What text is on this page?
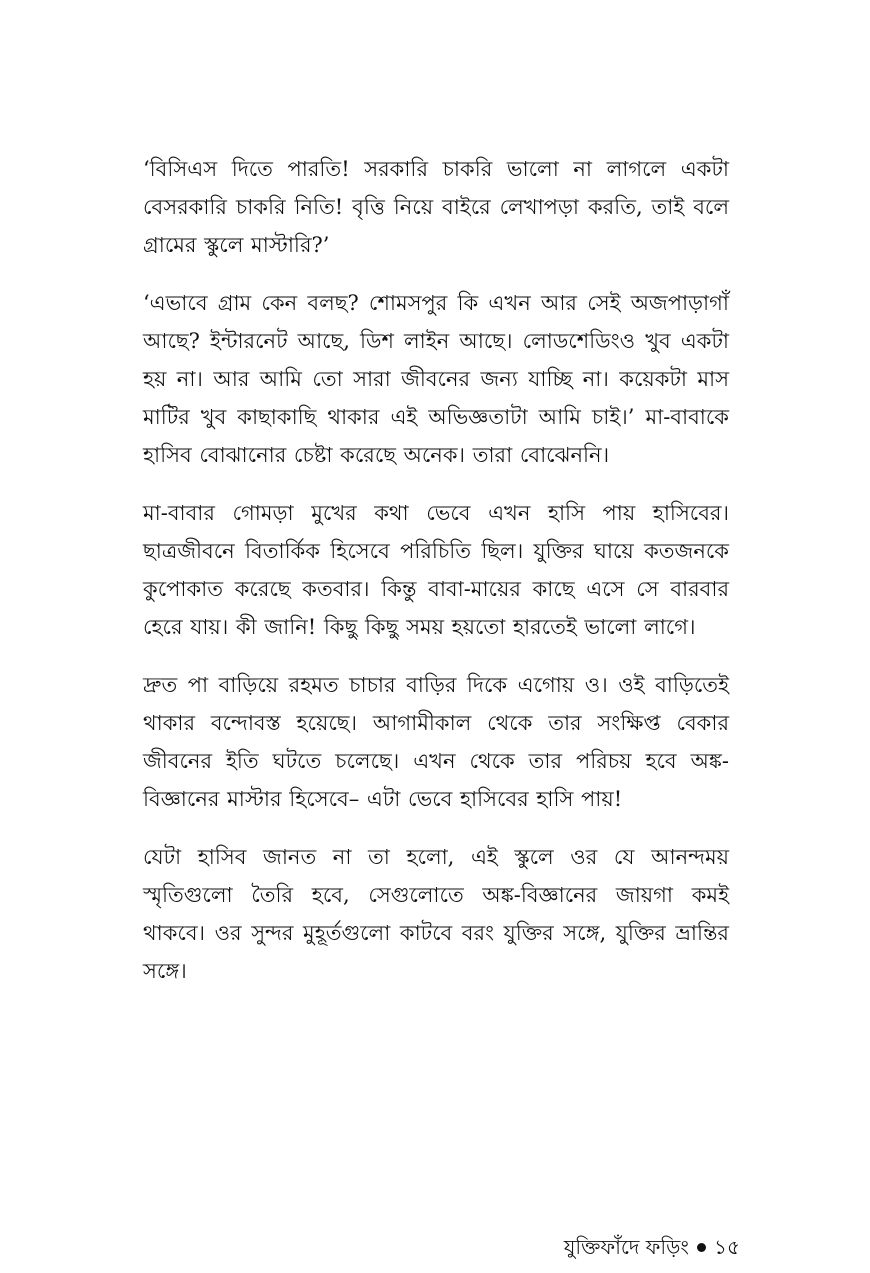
‘বিসিএস দিতে পারতি! সরকারি চাকরি ভালো না লাগলে একটা বেসরকারি চাকরি নিতি! বৃত্তি নিয়ে বাইরে লেখাপড়া করতি, তাই বলে গ্রামের স্কুলে মাস্টারি?’

‘এভাবে গ্রাম কেন বলছ? শোমসপুর কি এখন আর সেই অজপাড়াগাঁ আছে? ইন্টারনেট আছে, ডিশ লাইন আছে। লোডশেডিংও খুব একটা হয় না। আর আমি তো সারা জীবনের জন্য যাচ্ছি না। কয়েকটা মাস মাটির খুব কাছাকাছি থাকার এই অভিজ্ঞতাটা আমি চাই।’ মা-বাবাকে হাসিব বোঝানোর চেষ্টা করেছে অনেক। তারা বোঝেননি।

মা-বাবার গোমড়া মুখের কথা ভেবে এখন হাসি পায় হাসিবের। ছাত্রজীবনে বিতার্কিক হিসেবে পরিচিতি ছিল। যুক্তির ঘায়ে কতজনকে কুপোকাত করেছে কতবার। কিন্তু বাবা-মায়ের কাছে এসে সে বারবার হেরে যায়। কী জানি! কিছু কিছু সময় হয়তো হারতেই ভালো লাগে।

দ্রুত পা বাড়িয়ে রহমত চাচার বাড়ির দিকে এগোয় ও। ওই বাড়িতেই থাকার বন্দোবস্ত হয়েছে। আগামীকাল থেকে তার সংক্ষিপ্ত বেকার জীবনের ইতি ঘটতে চলেছে। এখন থেকে তার পরিচয় হবে অঙ্ক-বিজ্ঞানের মাস্টার হিসেবে– এটা ভেবে হাসিবের হাসি পায়!

যেটা হাসিব জানত না তা হলো, এই স্কুলে ওর যে আনন্দময় স্মৃতিগুলো তৈরি হবে, সেগুলোতে অঙ্ক-বিজ্ঞানের জায়গা কমই থাকবে। ওর সুন্দর মুহূর্তগুলো কাটবে বরং যুক্তির সঙ্গে, যুক্তির ভ্রান্তির সঙ্গে।

যুক্তিফাঁদে ফড়িং ১৫
